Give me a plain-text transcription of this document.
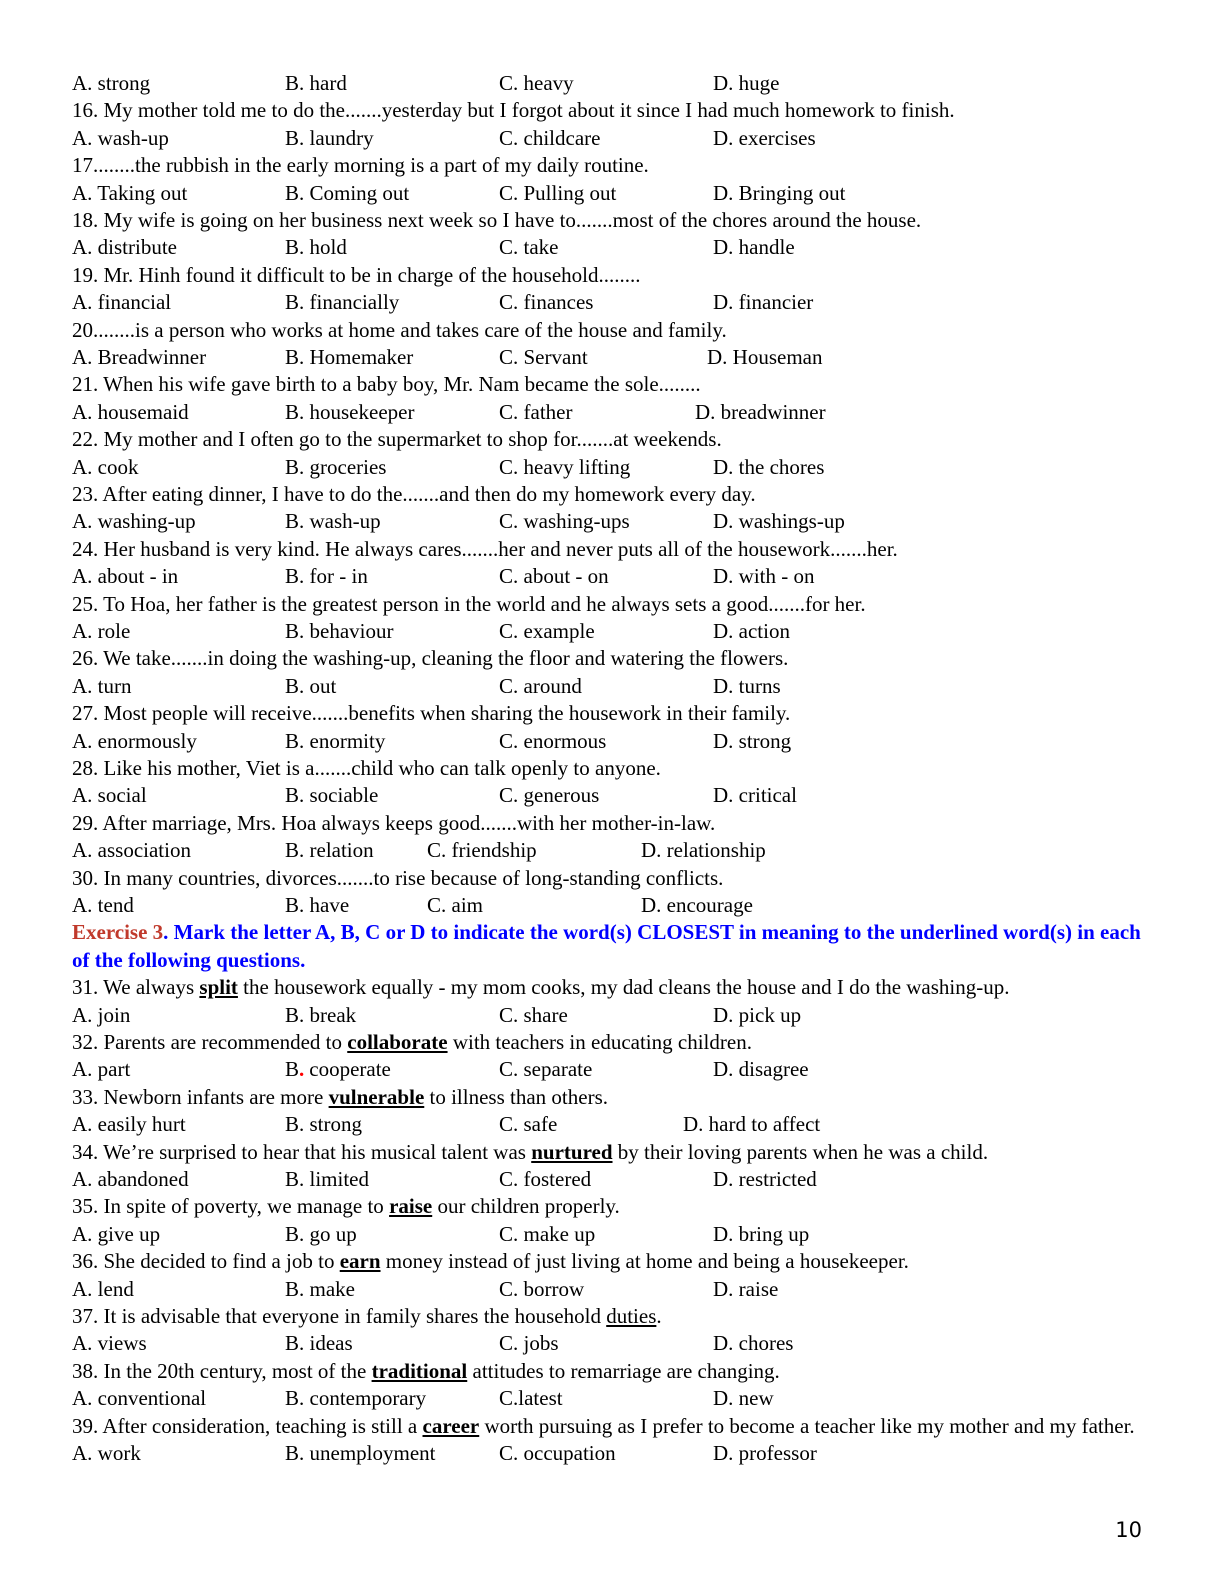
A. strong	B. hard	C. heavy	D. huge
16. My mother told me to do the.......yesterday but I forgot about it since I had much homework to finish.
A. wash-up	B. laundry	C. childcare	D. exercises
17........the rubbish in the early morning is a part of my daily routine.
A. Taking out	B. Coming out	C. Pulling out	D. Bringing out
18. My wife is going on her business next week so I have to.......most of the chores around the house.
A. distribute	B. hold	C. take	D. handle
19. Mr. Hinh found it difficult to be in charge of the household........
A. financial	B. financially	C. finances	D. financier
20........is a person who works at home and takes care of the house and family.
A. Breadwinner	B. Homemaker	C. Servant	D. Houseman
21. When his wife gave birth to a baby boy, Mr. Nam became the sole........
A. housemaid	B. housekeeper	C. father	D. breadwinner
22. My mother and I often go to the supermarket to shop for.......at weekends.
A. cook	B. groceries	C. heavy lifting	D. the chores
23. After eating dinner, I have to do the.......and then do my homework every day.
A. washing-up	B. wash-up	C. washing-ups	D. washings-up
24. Her husband is very kind. He always cares.......her and never puts all of the housework.......her.
A. about - in	B. for - in	C. about - on	D. with - on
25. To Hoa, her father is the greatest person in the world and he always sets a good.......for her.
A. role	B. behaviour	C. example	D. action
26. We take.......in doing the washing-up, cleaning the floor and watering the flowers.
A. turn	B. out	C. around	D. turns
27. Most people will receive.......benefits when sharing the housework in their family.
A. enormously	B. enormity	C. enormous	D. strong
28. Like his mother, Viet is a.......child who can talk openly to anyone.
A. social	B. sociable	C. generous	D. critical
29. After marriage, Mrs. Hoa always keeps good.......with her mother-in-law.
A. association	B. relation	C. friendship	D. relationship
30. In many countries, divorces.......to rise because of long-standing conflicts.
A. tend	B. have	C. aim	D. encourage
Exercise 3. Mark the letter A, B, C or D to indicate the word(s) CLOSEST in meaning to the underlined word(s) in each of the following questions.
31. We always split the housework equally - my mom cooks, my dad cleans the house and I do the washing-up.
A. join	B. break	C. share	D. pick up
32. Parents are recommended to collaborate with teachers in educating children.
A. part	B. cooperate	C. separate	D. disagree
33. Newborn infants are more vulnerable to illness than others.
A. easily hurt	B. strong	C. safe	D. hard to affect
34. We’re surprised to hear that his musical talent was nurtured by their loving parents when he was a child.
A. abandoned	B. limited	C. fostered	D. restricted
35. In spite of poverty, we manage to raise our children properly.
A. give up	B. go up	C. make up	D. bring up
36. She decided to find a job to earn money instead of just living at home and being a housekeeper.
A. lend	B. make	C. borrow	D. raise
37. It is advisable that everyone in family shares the household duties.
A. views	B. ideas	C. jobs	D. chores
38. In the 20th century, most of the traditional attitudes to remarriage are changing.
A. conventional	B. contemporary	C.latest	D. new
39. After consideration, teaching is still a career worth pursuing as I prefer to become a teacher like my mother and my father.
A. work	B. unemployment	C. occupation	D. professor
10
